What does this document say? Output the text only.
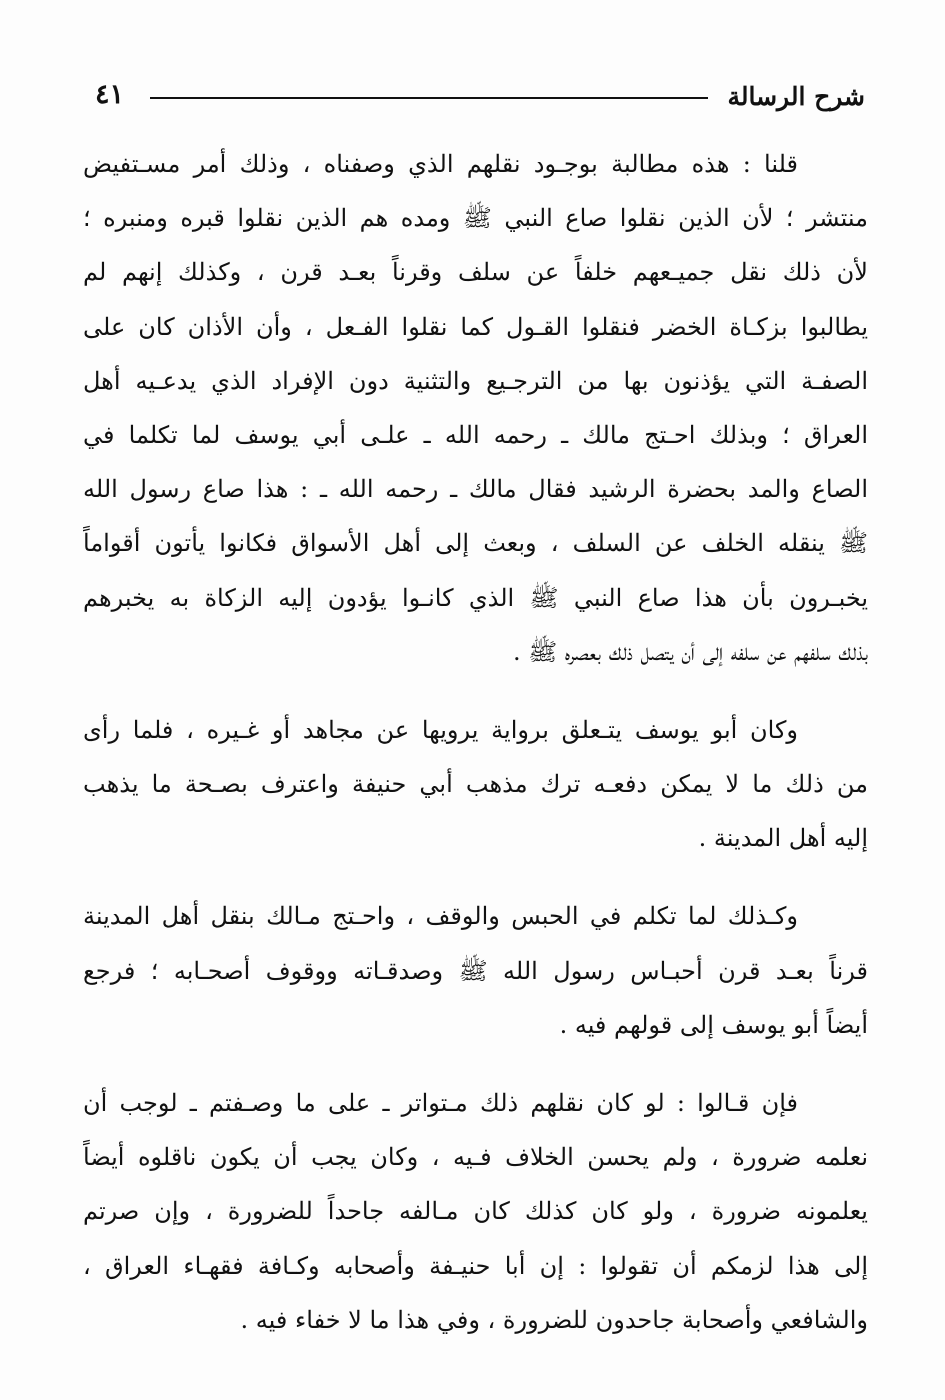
شرح الرسالة
٤١
قلنا : هذه مطالبة بوجـود نقلهم الذي وصفناه ، وذلك أمر مسـتفيض
منتشر ؛ لأن الذين نقلوا صاع النبي ﷺ ومده هم الذين نقلوا قبره ومنبره ؛
لأن ذلك نقل جميـعهم خلفاً عن سلف وقرناً بعـد قرن ، وكذلك إنهم لم
يطالبوا بزكـاة الخضر فنقلوا القـول كما نقلوا الفـعل ، وأن الأذان كان على
الصفـة التي يؤذنون بها من الترجـيع والتثنية دون الإفراد الذي يدعـيه أهل
العراق ؛ وبذلك احـتج مالك ـ رحمه الله ـ علـى أبي يوسف لما تكلما في
الصاع والمد بحضرة الرشيد فقال مالك ـ رحمه الله ـ : هذا صاع رسول الله
ﷺ ينقله الخلف عن السلف ، وبعث إلى أهل الأسواق فكانوا يأتون أقواماً
يخبـرون بأن هذا صاع النبي ﷺ الذي كانـوا يؤدون إليه الزكاة به يخبرهم
بذلك سلفهم عن سلفه إلى أن يتصل ذلك بعصره ﷺ .
وكان أبو يوسف يتـعلق برواية يرويها عن مجاهد أو غـيره ، فلما رأى
من ذلك ما لا يمكن دفعـه ترك مذهب أبي حنيفة واعترف بصـحة ما يذهب
إليه أهل المدينة .
وكـذلك لما تكلم في الحبس والوقف ، واحـتج مـالك بنقل أهل المدينة
قرناً بعـد قرن أحبـاس رسول الله ﷺ وصدقـاته ووقوف أصحـابه ؛ فرجع
أيضاً أبو يوسف إلى قولهم فيه .
فإن قـالوا : لو كان نقلهم ذلك مـتواتر ـ على ما وصـفتم ـ لوجب أن
نعلمه ضرورة ، ولم يحسن الخلاف فـيه ، وكان يجب أن يكون ناقلوه أيضاً
يعلمونه ضرورة ، ولو كان كذلك كان مـالفه جاحداً للضرورة ، وإن صرتم
إلى هذا لزمكم أن تقولوا : إن أبا حنيـفة وأصحابه وكـافة فقهـاء العراق ،
والشافعي وأصحابة جاحدون للضرورة ، وفي هذا ما لا خفاء فيه .
